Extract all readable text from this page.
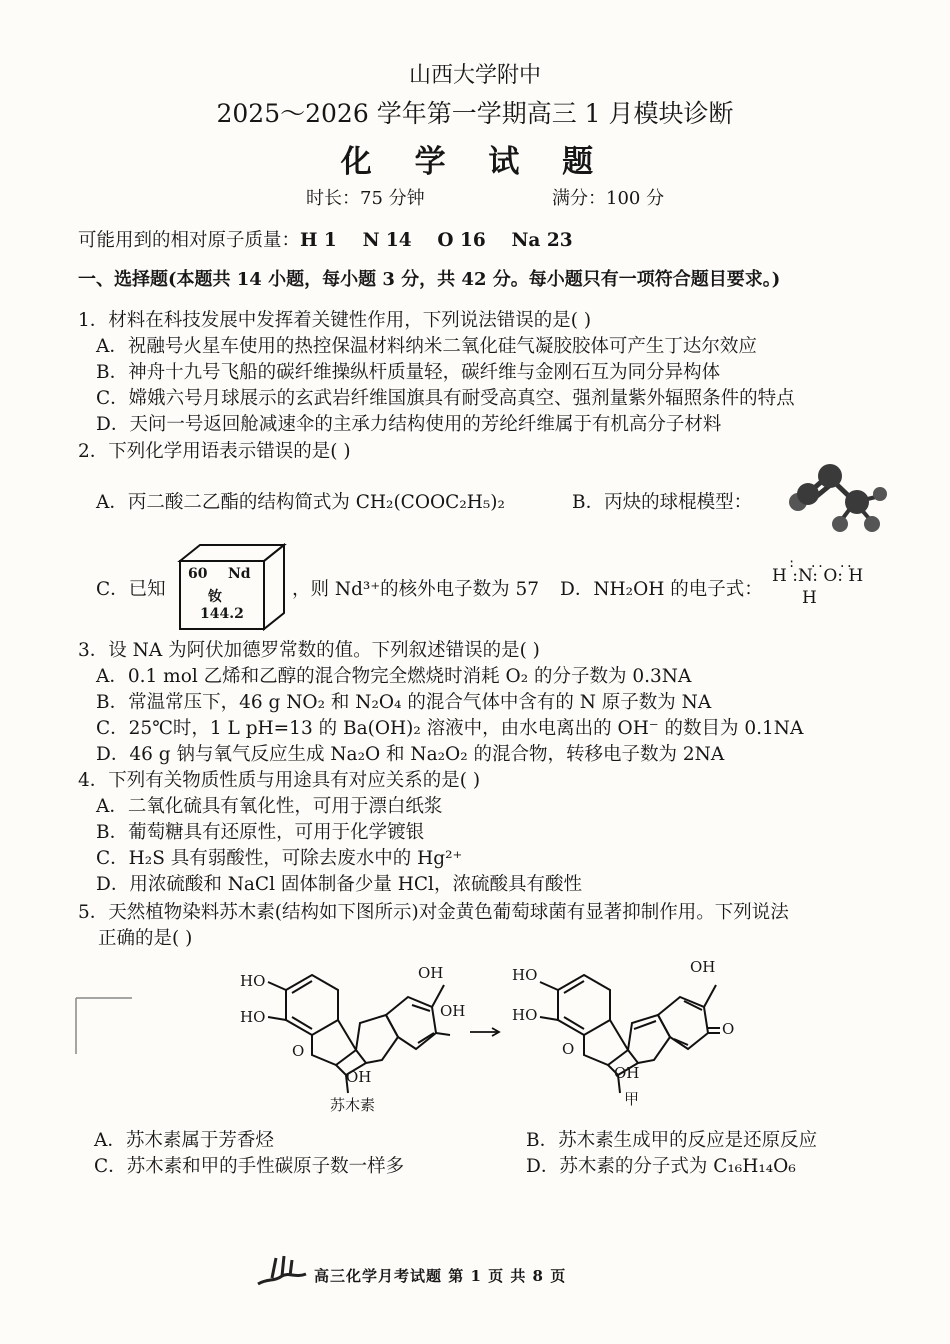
山西大学附中
2025～2026 学年第一学期高三 1 月模块诊断
化 学 试 题
时长：75 分钟	满分：100 分
可能用到的相对原子质量：H 1    N 14    O 16    Na 23
一、选择题(本题共 14 小题，每小题 3 分，共 42 分。每小题只有一项符合题目要求。)
1．材料在科技发展中发挥着关键性作用，下列说法错误的是( )
A．祝融号火星车使用的热控保温材料纳米二氧化硅气凝胶胶体可产生丁达尔效应
B．神舟十九号飞船的碳纤维操纵杆质量轻，碳纤维与金刚石互为同分异构体
C．嫦娥六号月球展示的玄武岩纤维国旗具有耐受高真空、强剂量紫外辐照条件的特点
D．天问一号返回舱减速伞的主承力结构使用的芳纶纤维属于有机高分子材料
2．下列化学用语表示错误的是( )
A．丙二酸二乙酯的结构简式为 CH₂(COOC₂H₅)₂	B．丙炔的球棍模型：
C．已知
60 Nd
钕
144.2
，则 Nd³⁺的核外电子数为 57 D．NH₂OH 的电子式：
:  ..  ..
H :N: O: H
H
3．设 NA 为阿伏加德罗常数的值。下列叙述错误的是( )
A．0.1 mol 乙烯和乙醇的混合物完全燃烧时消耗 O₂ 的分子数为 0.3NA
B．常温常压下，46 g NO₂ 和 N₂O₄ 的混合气体中含有的 N 原子数为 NA
C．25℃时，1 L pH=13 的 Ba(OH)₂ 溶液中，由水电离出的 OH⁻ 的数目为 0.1NA
D．46 g 钠与氧气反应生成 Na₂O 和 Na₂O₂ 的混合物，转移电子数为 2NA
4．下列有关物质性质与用途具有对应关系的是( )
A．二氧化硫具有氧化性，可用于漂白纸浆
B．葡萄糖具有还原性，可用于化学镀银
C．H₂S 具有弱酸性，可除去废水中的 Hg²⁺
D．用浓硫酸和 NaCl 固体制备少量 HCl，浓硫酸具有酸性
5．天然植物染料苏木素(结构如下图所示)对金黄色葡萄球菌有显著抑制作用。下列说法
正确的是( )
HO
HO
O
OH
OH
OH
苏木素
HO
HO
O
OH
O
OH
甲
A．苏木素属于芳香烃	B．苏木素生成甲的反应是还原反应
C．苏木素和甲的手性碳原子数一样多	D．苏木素的分子式为 C₁₆H₁₄O₆
高三化学月考试题 第 1 页 共 8 页
